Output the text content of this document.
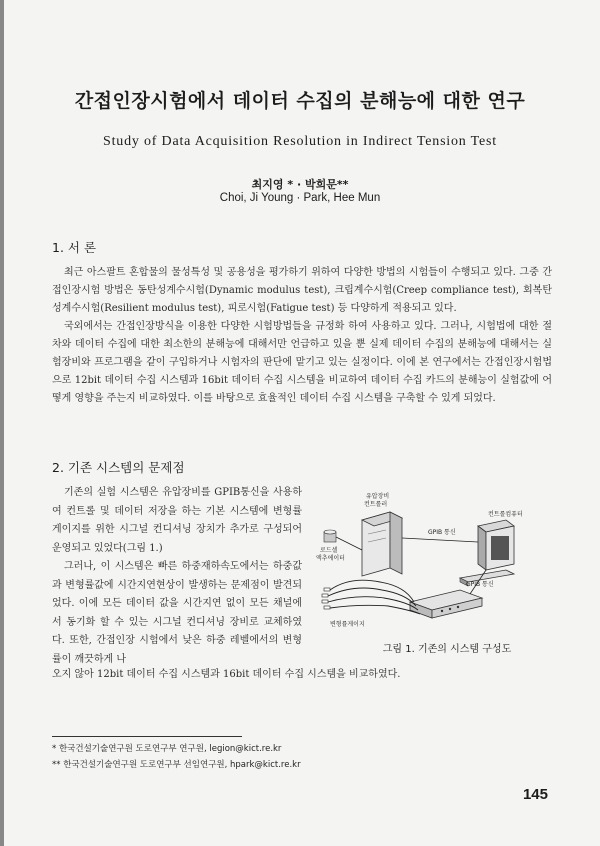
간접인장시험에서 데이터 수집의 분해능에 대한 연구
Study of Data Acquisition Resolution in Indirect Tension Test
최지영 * · 박희문**
Choi, Ji Young · Park, Hee Mun
1. 서 론

최근 아스팔트 혼합물의 물성특성 및 공용성을 평가하기 위하여 다양한 방법의 시험들이 수행되고 있다. 그중 간접인장시험 방법은 동탄성계수시험(Dynamic modulus test), 크립계수시험(Creep compliance test), 회복탄성계수시험(Resilient modulus test), 피로시험(Fatigue test) 등 다양하게 적용되고 있다.

국외에서는 간접인장방식을 이용한 다양한 시험방법들을 규정화 하여 사용하고 있다. 그러나, 시험법에 대한 절차와 데이터 수집에 대한 최소한의 분해능에 대해서만 언급하고 있을 뿐 실제 데이터 수집의 분해능에 대해서는 실험장비와 프로그램을 같이 구입하거나 시험자의 판단에 맡기고 있는 실정이다. 이에 본 연구에서는 간접인장시험법으로 12bit 데이터 수집 시스템과 16bit 데이터 수집 시스템을 비교하여 데이터 수집 카드의 분해능이 실험값에 어떻게 영향을 주는지 비교하였다. 이를 바탕으로 효율적인 데이터 수집 시스템을 구축할 수 있게 되었다.

2. 기존 시스템의 문제점

기존의 실험 시스템은 유압장비를 GPIB통신을 사용하여 컨트롤 및 데이터 저장을 하는 기본 시스템에 변형률 게이지를 위한 시그널 컨디셔닝 장치가 추가로 구성되어 운영되고 있었다(그림 1.)

그러나, 이 시스템은 빠른 하중재하속도에서는 하중값과 변형률값에 시간지연현상이 발생하는 문제점이 발견되었다. 이에 모든 데이터 값을 시간지연 없이 모든 채널에서 동기화 할 수 있는 시그널 컨디셔닝 장비로 교체하였다. 또한, 간접인장 시험에서 낮은 하중 레벨에서의 변형률이 깨끗하게 나

오지 않아 12bit 데이터 수집 시스템과 16bit 데이터 수집 시스템을 비교하였다.
유압장비
컨트롤러
컨트롤컴퓨터
GPIB 통신
로드셀
액추에이터
GPIB 통신
변형률게이지
그림 1. 기존의 시스템 구성도
* 한국건설기술연구원 도로연구부 연구원, legion@kict.re.kr
** 한국건설기술연구원 도로연구부 선임연구원, hpark@kict.re.kr
145
